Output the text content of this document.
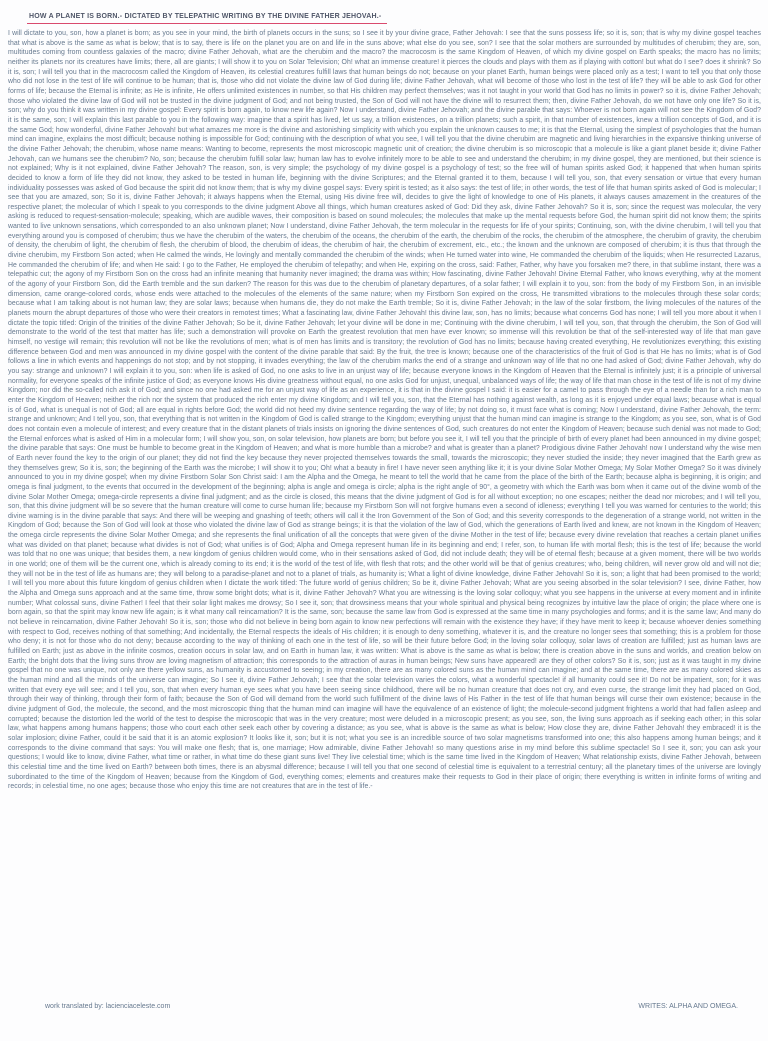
HOW A PLANET IS BORN.- DICTATED BY TELEPATHIC WRITING BY THE DIVINE FATHER JEHOVAH.-
I will dictate to you, son, how a planet is born; as you see in your mind, the birth of planets occurs in the suns; so I see it by your divine grace, Father Jehovah: I see that the suns possess life; so it is, son; that is why my divine gospel teaches that what is above is the same as what is below; that is to say, there is life on the planet you are on and life in the suns above; what else do you see, son? I see that the solar mothers are surrounded by multitudes of cherubim; they are, son, multitudes coming from countless galaxies of the macro; divine Father Jehovah, what are the cherubim and the macro? the macrocosm is the same Kingdom of Heaven, of which my divine gospel on Earth speaks; the macro has no limits; neither its planets nor its creatures have limits; there, all are giants; I will show it to you on Solar Television; Oh! what an immense creature! it pierces the clouds and plays with them as if playing with cotton! but what do I see? does it shrink? So it is, son; I will tell you that in the macrocosm called the Kingdom of Heaven, its celestial creatures fulfill laws that human beings do not; because on your planet Earth, human beings were placed only as a test; I want to tell you that only those who did not lose in the test of life will continue to be human; that is, those who did not violate the divine law of God during life; divine Father Jehovah, what will become of those who lost in the test of life? they will be able to ask God for other forms of life; because the Eternal is infinite; as He is infinite, He offers unlimited existences in number, so that His children may perfect themselves; was it not taught in your world that God has no limits in power? so it is, divine Father Jehovah; those who violated the divine law of God will not be trusted in the divine judgment of God; and not being trusted, the Son of God will not have the divine will to resurrect them; then, divine Father Jehovah, do we not have only one life? So it is, son; why do you think it was written in my divine gospel: Every spirit is born again, to know new life again? Now I understand, divine Father Jehovah; and the divine parable that says: Whoever is not born again will not see the Kingdom of God? it is the same, son; I will explain this last parable to you in the following way: imagine that a spirit has lived, let us say, a trillion existences, on a trillion planets; such a spirit, in that number of existences, knew a trillion concepts of God, and it is the same God; how wonderful, divine Father Jehovah! but what amazes me more is the divine and astonishing simplicity with which you explain the unknown causes to me; it is that the Eternal, using the simplest of psychologies that the human mind can imagine, explains the most difficult; because nothing is impossible for God; continuing with the description of what you see, I will tell you that the divine cherubim are magnetic and living hierarchies in the expansive thinking universe of the divine Father Jehovah; the cherubim, whose name means: Wanting to become, represents the most microscopic magnetic unit of creation; the divine cherubim is so microscopic that a molecule is like a giant planet beside it; divine Father Jehovah, can we humans see the cherubim? No, son; because the cherubim fulfill solar law; human law has to evolve infinitely more to be able to see and understand the cherubim; in my divine gospel, they are mentioned, but their science is not explained; Why is it not explained, divine Father Jehovah? The reason, son, is very simple; the psychology of my divine gospel is a psychology of test; so the free will of human spirits asked God; it happened that when human spirits decided to know a form of life they did not know, they asked to be tested in human life, beginning with the divine Scriptures; and the Eternal granted it to them, because I will tell you, son, that every sensation or virtue that every human individuality possesses was asked of God because the spirit did not know them; that is why my divine gospel says: Every spirit is tested; as it also says: the test of life; in other words, the test of life that human spirits asked of God is molecular; I see that you are amazed, son; So it is, divine Father Jehovah; it always happens when the Eternal, using His divine free will, decides to give the light of knowledge to one of His planets, it always causes amazement in the creatures of the respective planet; the molecular of which I speak to you corresponds to the divine judgment Above all things, which human creatures asked of God: Did they ask, divine Father Jehovah? So it is, son; since the request was molecular, the very asking is reduced to request-sensation-molecule; speaking, which are audible waves, their composition is based on sound molecules; the molecules that make up the mental requests before God, the human spirit did not know them; the spirits wanted to live unknown sensations, which corresponded to an also unknown planet; Now I understand, divine Father Jehovah, the term molecular in the requests for life of your spirits; Continuing, son, with the divine cherubim, I will tell you that everything around you is composed of cherubim; thus we have the cherubim of the waters, the cherubim of the oceans, the cherubim of the earth, the cherubim of the rocks, the cherubim of the atmosphere, the cherubim of gravity, the cherubim of density, the cherubim of light, the cherubim of flesh, the cherubim of blood, the cherubim of ideas, the cherubim of hair, the cherubim of excrement, etc., etc.; the known and the unknown are composed of cherubim; it is thus that through the divine cherubim, my Firstborn Son acted; when He calmed the winds, He lovingly and mentally commanded the cherubim of the winds; when He turned water into wine, He commanded the cherubim of the liquids; when He resurrected Lazarus, He commanded the cherubim of life; and when He said: I go to the Father, He employed the cherubim of telepathy; and when He, expiring on the cross, said: Father, Father, why have you forsaken me? there, in that sublime instant, there was a telepathic cut; the agony of my Firstborn Son on the cross had an infinite meaning that humanity never imagined; the drama was within; How fascinating, divine Father Jehovah! Divine Eternal Father, who knows everything, why at the moment of the agony of your Firstborn Son, did the Earth tremble and the sun darken? The reason for this was due to the cherubim of planetary departures, of a solar father; I will explain it to you, son: from the body of my Firstborn Son, in an invisible dimension, came orange-colored cords, whose ends were attached to the molecules of the elements of the same nature; when my Firstborn Son expired on the cross, He transmitted vibrations to the molecules through these solar cords; because what I am talking about is not human law; they are solar laws; because when humans die, they do not make the Earth tremble; So it is, divine Father Jehovah; in the law of the solar firstborn, the living molecules of the natures of the planets mourn the abrupt departures of those who were their creators in remotest times; What a fascinating law, divine Father Jehovah! this divine law, son, has no limits; because what concerns God has none; I will tell you more about it when I dictate the topic titled: Origin of the trinities of the divine Father Jehovah; So be it, divine Father Jehovah; let your divine will be done in me; Continuing with the divine cherubim, I will tell you, son, that through the cherubim, the Son of God will demonstrate to the world of the test that matter has life; such a demonstration will provoke on Earth the greatest revolution that men have ever known; so immense will this revolution be that of the self-interested way of life that man gave himself, no vestige will remain; this revolution will not be like the revolutions of men; what is of men has limits and is transitory; the revolution of God has no limits; because having created everything, He revolutionizes everything; this existing difference between God and men was announced in my divine gospel with the content of the divine parable that said: By the fruit, the tree is known; because one of the characteristics of the fruit of God is that He has no limits; what is of God follows a line in which events and happenings do not stop; and by not stopping, it invades everything; the law of the cherubim marks the end of a strange and unknown way of life that no one had asked of God; divine Father Jehovah, why do you say: strange and unknown? I will explain it to you, son: when life is asked of God, no one asks to live in an unjust way of life; because everyone knows in the Kingdom of Heaven that the Eternal is infinitely just; it is a principle of universal normality, for everyone speaks of the infinite justice of God; as everyone knows His divine greatness without equal, no one asks God for unjust, unequal, unbalanced ways of life; the way of life that man chose in the test of life is not of my divine Kingdom; nor did the so-called rich ask it of God; and since no one had asked me for an unjust way of life as an experience, it is that in the divine gospel I said: it is easier for a camel to pass through the eye of a needle than for a rich man to enter the Kingdom of Heaven; neither the rich nor the system that produced the rich enter my divine Kingdom; and I will tell you, son, that the Eternal has nothing against wealth, as long as it is enjoyed under equal laws; because what is equal is of God, what is unequal is not of God; all are equal in rights before God; the world did not heed my divine sentence regarding the way of life; by not doing so, it must face what is coming; Now I understand, divine Father Jehovah, the term: strange and unknown; And I tell you, son, that everything that is not written in the Kingdom of God is called strange to the Kingdom; everything unjust that the human mind can imagine is strange to the Kingdom; as you see, son, what is of God does not contain even a molecule of interest; and every creature that in the distant planets of trials insists on ignoring the divine sentences of God, such creatures do not enter the Kingdom of Heaven; because such denial was not made to God; the Eternal enforces what is asked of Him in a molecular form; I will show you, son, on solar television, how planets are born; but before you see it, I will tell you that the principle of birth of every planet had been announced in my divine gospel; the divine parable that says: One must be humble to become great in the Kingdom of Heaven; and what is more humble than a microbe? and what is greater than a planet? Prodigious divine Father Jehovah! now I understand why the wise men of Earth never found the key to the origin of our planet; they did not find the key because they never projected themselves towards the small, towards the microscopic; they never studied the inside; they never imagined that the Earth grew as they themselves grew; So it is, son; the beginning of the Earth was the microbe; I will show it to you; Oh! what a beauty in fire! I have never seen anything like it; it is your divine Solar Mother Omega; My Solar Mother Omega? So it was divinely announced to you in my divine gospel; when my divine Firstborn Solar Son Christ said: I am the Alpha and the Omega, he meant to tell the world that he came from the place of the birth of the Earth; because alpha is beginning, it is origin; and omega is final judgment, to the events that occurred in the development of the beginning; alpha is angle and omega is circle; alpha is the right angle of 90°, a geometry with which the Earth was born when it came out of the divine womb of the divine Solar Mother Omega; omega-circle represents a divine final judgment; and as the circle is closed, this means that the divine judgment of God is for all without exception; no one escapes; neither the dead nor microbes; and I will tell you, son, that this divine judgment will be so severe that the human creature will come to curse human life; because my Firstborn Son will not forgive humans even a second of idleness; everything I tell you was warned for centuries to the world; this divine warning is in the divine parable that says: And there will be weeping and gnashing of teeth; others will call it the Iron Government of the Son of God; and this severity corresponds to the degeneration of a strange world, not written in the Kingdom of God; because the Son of God will look at those who violated the divine law of God as strange beings; it is that the violation of the law of God, which the generations of Earth lived and knew, are not known in the Kingdom of Heaven; the omega circle represents the divine Solar Mother Omega; and she represents the final unification of all the concepts that were given of the divine Mother in the test of life; because every divine revelation that reaches a certain planet unifies what was divided on that planet; because what divides is not of God; what unifies is of God; Alpha and Omega represent human life in its beginning and end; I refer, son, to human life with mortal flesh; this is the test of life; because the world was told that no one was unique; that besides them, a new kingdom of genius children would come, who in their sensations asked of God, did not include death; they will be of eternal flesh; because at a given moment, there will be two worlds in one world; one of them will be the current one, which is already coming to its end; it is the world of the test of life, with flesh that rots; and the other world will be that of genius creatures; who, being children, will never grow old and will not die; they will not be in the test of life as humans are; they will belong to a paradise-planet and not to a planet of trials, as humanity is; What a light of divine knowledge, divine Father Jehovah! So it is, son; a light that had been promised to the world; I will tell you more about this future kingdom of genius children when I dictate the work titled: The future world of genius children; So be it, divine Father Jehovah; What are you seeing absorbed in the solar television? I see, divine Father, how the Alpha and Omega suns approach and at the same time, throw some bright dots; what is it, divine Father Jehovah? What you are witnessing is the loving solar colloquy; what you see happens in the universe at every moment and in infinite number; What colossal suns, divine Father! I feel that their solar light makes me drowsy; So I see it, son; that drowsiness means that your whole spiritual and physical being recognizes by intuitive law the place of origin; the place where one is born again, so that the spirit may know new life again; is it what many call reincarnation? It is the same, son; because the same law from God is expressed at the same time in many psychologies and forms; and it is the same law; And many do not believe in reincarnation, divine Father Jehovah! So it is, son; those who did not believe in being born again to know new perfections will remain with the existence they have; if they have merit to keep it; because whoever denies something with respect to God, receives nothing of that something; And incidentally, the Eternal respects the ideals of His children; it is enough to deny something, whatever it is, and the creature no longer sees that something; this is a problem for those who deny; it is not for those who do not deny; because according to the way of thinking of each one in the test of life, so will be their future before God; in the loving solar colloquy, solar laws of creation are fulfilled; just as human laws are fulfilled on Earth; just as above in the infinite cosmos, creation occurs in solar law, and on Earth in human law, it was written: What is above is the same as what is below; there is creation above in the suns and worlds, and creation below on Earth; the bright dots that the living suns throw are loving magnetism of attraction; this corresponds to the attraction of auras in human beings; New suns have appeared! are they of other colors? So it is, son; just as it was taught in my divine gospel that no one was unique, not only are there yellow suns, as humanity is accustomed to seeing; in my creation, there are as many colored suns as the human mind can imagine; and at the same time, there are as many colored skies as the human mind and all the minds of the universe can imagine; So I see it, divine Father Jehovah; I see that the solar television varies the colors, what a wonderful spectacle! if all humanity could see it! Do not be impatient, son; for it was written that every eye will see; and I tell you, son, that when every human eye sees what you have been seeing since childhood, there will be no human creature that does not cry, and even curse, the strange limit they had placed on God, through their way of thinking, through their form of faith; because the Son of God will demand from the world such fulfillment of the divine laws of His Father in the test of life that human beings will curse their own existence; because in the divine judgment of God, the molecule, the second, and the most microscopic thing that the human mind can imagine will have the equivalence of an existence of light; the molecule-second judgment frightens a world that had fallen asleep and corrupted; because the distortion led the world of the test to despise the microscopic that was in the very creature; most were deluded in a microscopic present; as you see, son, the living suns approach as if seeking each other; in this solar law, what happens among humans happens; those who court each other seek each other by covering a distance; as you see, what is above is the same as what is below; How close they are, divine Father Jehovah! they embraced! it is the solar implosion; divine Father, could it be said that it is an atomic explosion? It looks like it, son; but it is not; what you see is an incredible source of two solar magnetisms transformed into one; this also happens among human beings; and it corresponds to the divine command that says: You will make one flesh; that is, one marriage; How admirable, divine Father Jehovah! so many questions arise in my mind before this sublime spectacle! So I see it, son; you can ask your questions; I would like to know, divine Father, what time or rather, in what time do these giant suns live! They live celestial time; which is the same time lived in the Kingdom of Heaven; What relationship exists, divine Father Jehovah, between this celestial time and the time lived on Earth? between both times, there is an abysmal difference; because I will tell you that one second of celestial time is equivalent to a terrestrial century; all the planetary times of the universe are lovingly subordinated to the time of the Kingdom of Heaven; because from the Kingdom of God, everything comes; elements and creatures make their requests to God in their place of origin; there everything is written in infinite forms of writing and records; in celestial time, no one ages; because those who enjoy this time are not creatures that are in the test of life.-
work translated by: lacienciaceleste.com	WRITES: ALPHA AND OMEGA.
